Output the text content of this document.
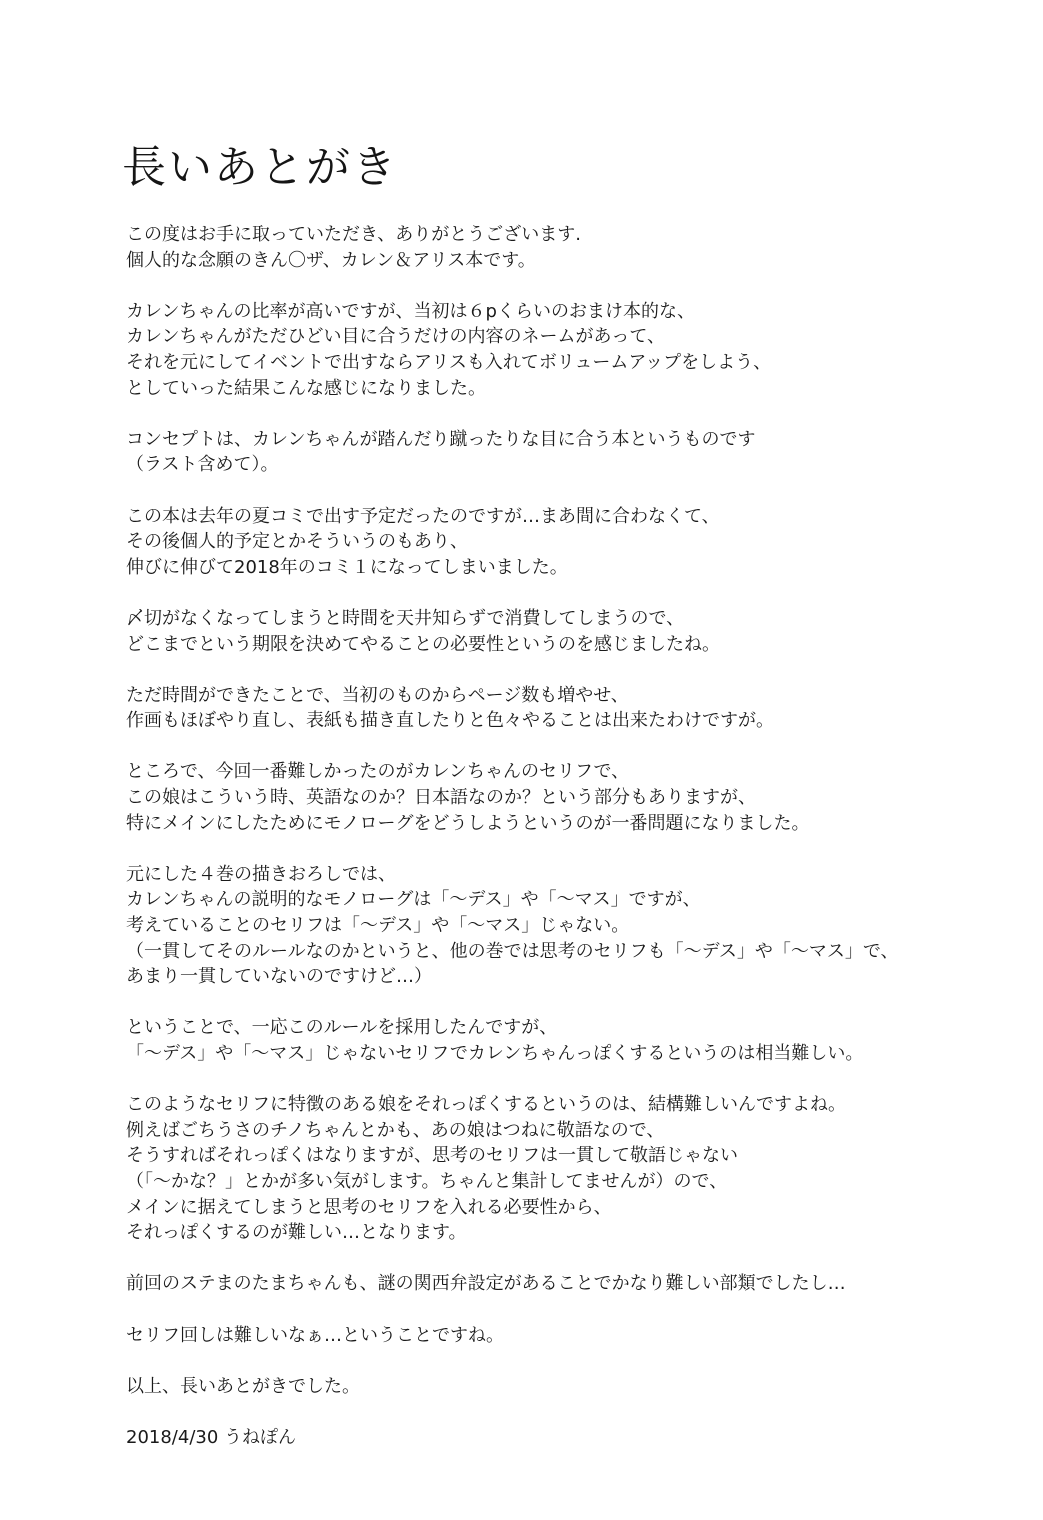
長いあとがき

この度はお手に取っていただき、ありがとうございます.
個人的な念願のきん〇ザ、カレン＆アリス本です。

カレンちゃんの比率が高いですが、当初は６pくらいのおまけ本的な、
カレンちゃんがただひどい目に合うだけの内容のネームがあって、
それを元にしてイベントで出すならアリスも入れてボリュームアップをしよう、
としていった結果こんな感じになりました。

コンセプトは、カレンちゃんが踏んだり蹴ったりな目に合う本というものです
（ラスト含めて）。

この本は去年の夏コミで出す予定だったのですが…まあ間に合わなくて、
その後個人的予定とかそういうのもあり、
伸びに伸びて2018年のコミ１になってしまいました。

〆切がなくなってしまうと時間を天井知らずで消費してしまうので、
どこまでという期限を決めてやることの必要性というのを感じましたね。

ただ時間ができたことで、当初のものからページ数も増やせ、
作画もほぼやり直し、表紙も描き直したりと色々やることは出来たわけですが。

ところで、今回一番難しかったのがカレンちゃんのセリフで、
この娘はこういう時、英語なのか？日本語なのか？という部分もありますが、
特にメインにしたためにモノローグをどうしようというのが一番問題になりました。

元にした４巻の描きおろしでは、
カレンちゃんの説明的なモノローグは「～デス」や「～マス」ですが、
考えていることのセリフは「～デス」や「～マス」じゃない。
（一貫してそのルールなのかというと、他の巻では思考のセリフも「～デス」や「～マス」で、
あまり一貫していないのですけど…）

ということで、一応このルールを採用したんですが、
「～デス」や「～マス」じゃないセリフでカレンちゃんっぽくするというのは相当難しい。

このようなセリフに特徴のある娘をそれっぽくするというのは、結構難しいんですよね。
例えばごちうさのチノちゃんとかも、あの娘はつねに敬語なので、
そうすればそれっぽくはなりますが、思考のセリフは一貫して敬語じゃない
（「～かな？」とかが多い気がします。ちゃんと集計してませんが）ので、
メインに据えてしまうと思考のセリフを入れる必要性から、
それっぽくするのが難しい…となります。

前回のステまのたまちゃんも、謎の関西弁設定があることでかなり難しい部類でしたし…

セリフ回しは難しいなぁ…ということですね。

以上、長いあとがきでした。

2018/4/30 うねぽん
